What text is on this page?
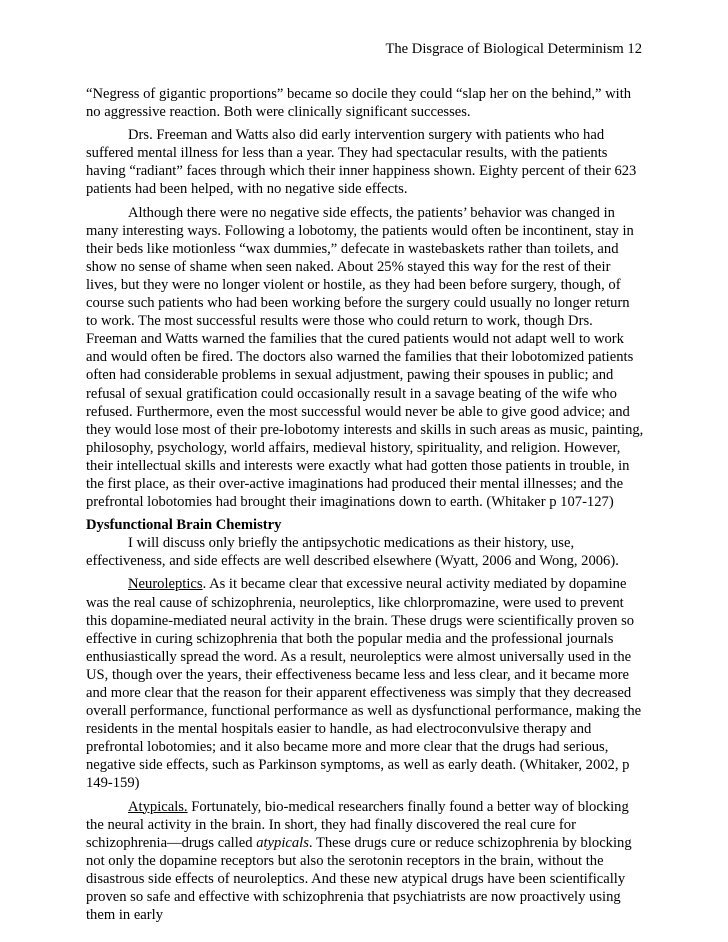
The Disgrace of Biological Determinism 12

“Negress of gigantic proportions” became so docile they could “slap her on the behind,” with no aggressive reaction. Both were clinically significant successes.

Drs. Freeman and Watts also did early intervention surgery with patients who had suffered mental illness for less than a year. They had spectacular results, with the patients having “radiant” faces through which their inner happiness shown. Eighty percent of their 623 patients had been helped, with no negative side effects.

Although there were no negative side effects, the patients’ behavior was changed in many interesting ways. Following a lobotomy, the patients would often be incontinent, stay in their beds like motionless “wax dummies,” defecate in wastebaskets rather than toilets, and show no sense of shame when seen naked. About 25% stayed this way for the rest of their lives, but they were no longer violent or hostile, as they had been before surgery, though, of course such patients who had been working before the surgery could usually no longer return to work. The most successful results were those who could return to work, though Drs. Freeman and Watts warned the families that the cured patients would not adapt well to work and would often be fired. The doctors also warned the families that their lobotomized patients often had considerable problems in sexual adjustment, pawing their spouses in public; and refusal of sexual gratification could occasionally result in a savage beating of the wife who refused. Furthermore, even the most successful would never be able to give good advice; and they would lose most of their pre-lobotomy interests and skills in such areas as music, painting, philosophy, psychology, world affairs, medieval history, spirituality, and religion. However, their intellectual skills and interests were exactly what had gotten those patients in trouble, in the first place, as their over-active imaginations had produced their mental illnesses; and the prefrontal lobotomies had brought their imaginations down to earth. (Whitaker p 107-127)

Dysfunctional Brain Chemistry

I will discuss only briefly the antipsychotic medications as their history, use, effectiveness, and side effects are well described elsewhere (Wyatt, 2006 and Wong, 2006).

Neuroleptics. As it became clear that excessive neural activity mediated by dopamine was the real cause of schizophrenia, neuroleptics, like chlorpromazine, were used to prevent this dopamine-mediated neural activity in the brain. These drugs were scientifically proven so effective in curing schizophrenia that both the popular media and the professional journals enthusiastically spread the word. As a result, neuroleptics were almost universally used in the US, though over the years, their effectiveness became less and less clear, and it became more and more clear that the reason for their apparent effectiveness was simply that they decreased overall performance, functional performance as well as dysfunctional performance, making the residents in the mental hospitals easier to handle, as had electroconvulsive therapy and prefrontal lobotomies; and it also became more and more clear that the drugs had serious, negative side effects, such as Parkinson symptoms, as well as early death. (Whitaker, 2002, p 149-159)

Atypicals. Fortunately, bio-medical researchers finally found a better way of blocking the neural activity in the brain. In short, they had finally discovered the real cure for schizophrenia—drugs called atypicals. These drugs cure or reduce schizophrenia by blocking not only the dopamine receptors but also the serotonin receptors in the brain, without the disastrous side effects of neuroleptics. And these new atypical drugs have been scientifically proven so safe and effective with schizophrenia that psychiatrists are now proactively using them in early
